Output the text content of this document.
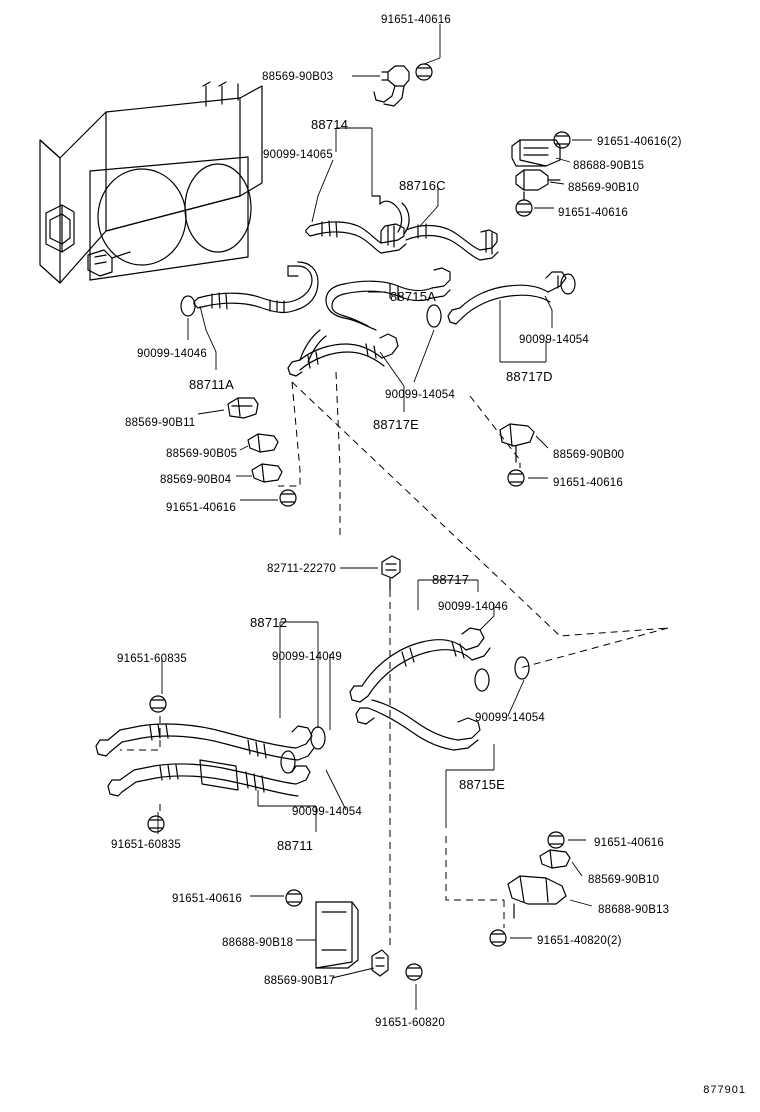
91651-40616
88569-90B03
88714
90099-14065
88716C
91651-40616(2)
88688-90B15
88569-90B10
91651-40616
88715A
90099-14046
88711A
90099-14054
88717E
90099-14054
88717D
88569-90B11
88569-90B05
88569-90B04
91651-40616
88569-90B00
91651-40616
82711-22270
88717
90099-14046
88712
90099-14049
91651-60835
90099-14054
88715E
90099-14054
88711
91651-60835	91651-40616
88569-90B10
88688-90B13
91651-40820(2)
91651-40616
88688-90B18
88569-90B17
91651-60820
877901
